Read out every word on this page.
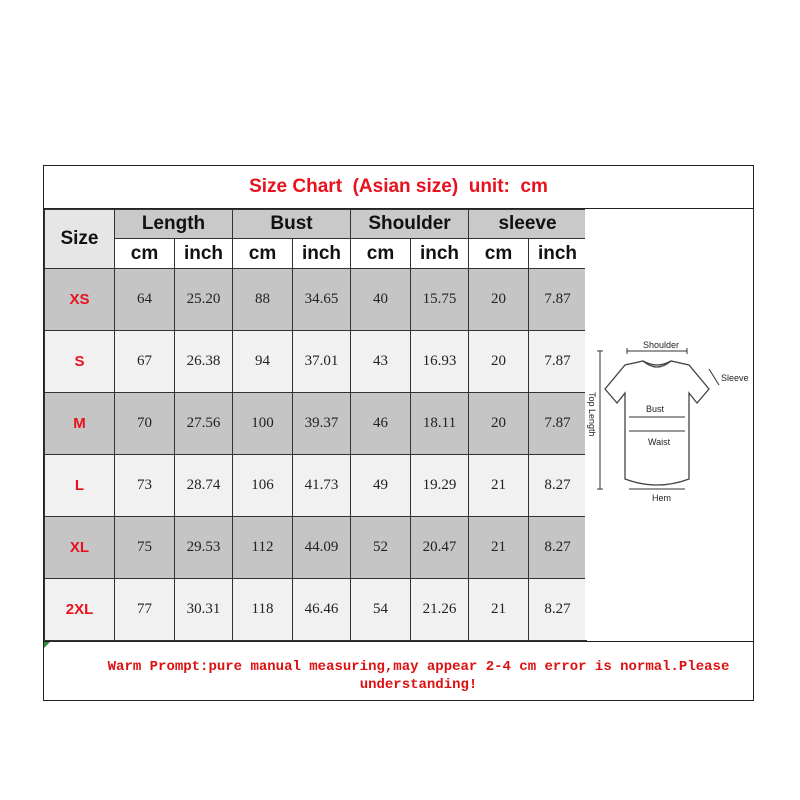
Size Chart  (Asian size)  unit:  cm
Size	Length		Bust		Shoulder		sleeve	
	cm	inch	cm	inch	cm	inch	cm	inch
XS	64	25.20	88	34.65	40	15.75	20	7.87
S	67	26.38	94	37.01	43	16.93	20	7.87
M	70	27.56	100	39.37	46	18.11	20	7.87
L	73	28.74	106	41.73	49	19.29	21	8.27
XL	75	29.53	112	44.09	52	20.47	21	8.27
2XL	77	30.31	118	46.46	54	21.26	21	8.27
Shoulder
Sleeve
Bust
Waist
Hem
Top Length
Warm Prompt:pure manual measuring,may appear 2-4 cm error is normal.Please understanding!
